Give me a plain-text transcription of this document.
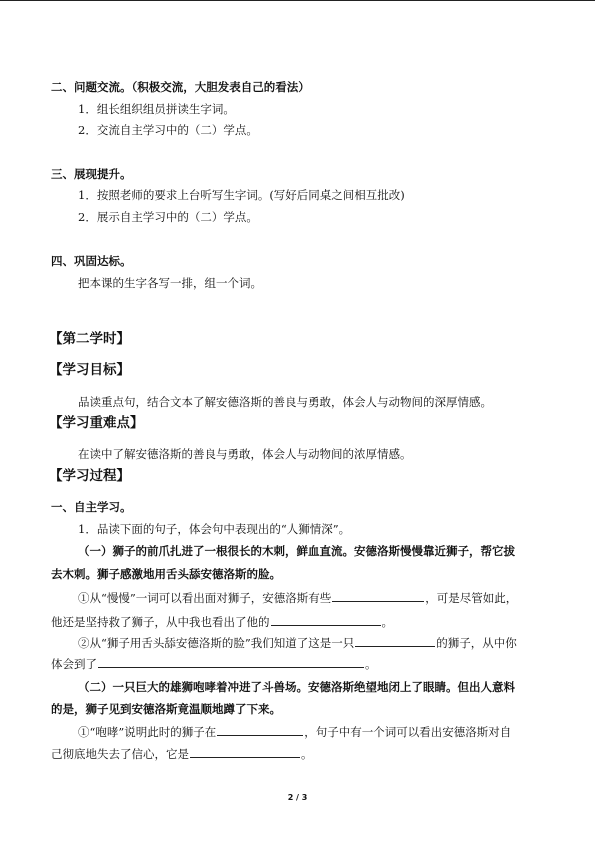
二、问题交流。（积极交流，大胆发表自己的看法）
1．组长组织组员拼读生字词。
2．交流自主学习中的（二）学点。
三、展现提升。
1．按照老师的要求上台听写生字词。(写好后同桌之间相互批改)
2．展示自主学习中的（二）学点。
四、巩固达标。
把本课的生字各写一排，组一个词。
【第二学时】
【学习目标】
品读重点句，结合文本了解安德洛斯的善良与勇敢，体会人与动物间的深厚情感。
【学习重难点】
在读中了解安德洛斯的善良与勇敢，体会人与动物间的浓厚情感。
【学习过程】
一、自主学习。
1．品读下面的句子，体会句中表现出的“人狮情深”。
（一）狮子的前爪扎进了一根很长的木刺，鲜血直流。安德洛斯慢慢靠近狮子，帮它拔
去木刺。狮子感激地用舌头舔安德洛斯的脸。
①从“慢慢”一词可以看出面对狮子，安德洛斯有些	，可是尽管如此，
他还是坚持救了狮子，从中我也看出了他的	。
②从“狮子用舌头舔安德洛斯的脸”我们知道了这是一只	的狮子，从中你
体会到了	。
（二）一只巨大的雄狮咆哮着冲进了斗兽场。安德洛斯绝望地闭上了眼睛。但出人意料
的是，狮子见到安德洛斯竟温顺地蹲了下来。
①“咆哮”说明此时的狮子在	，句子中有一个词可以看出安德洛斯对自
己彻底地失去了信心，它是	。
2 / 3
